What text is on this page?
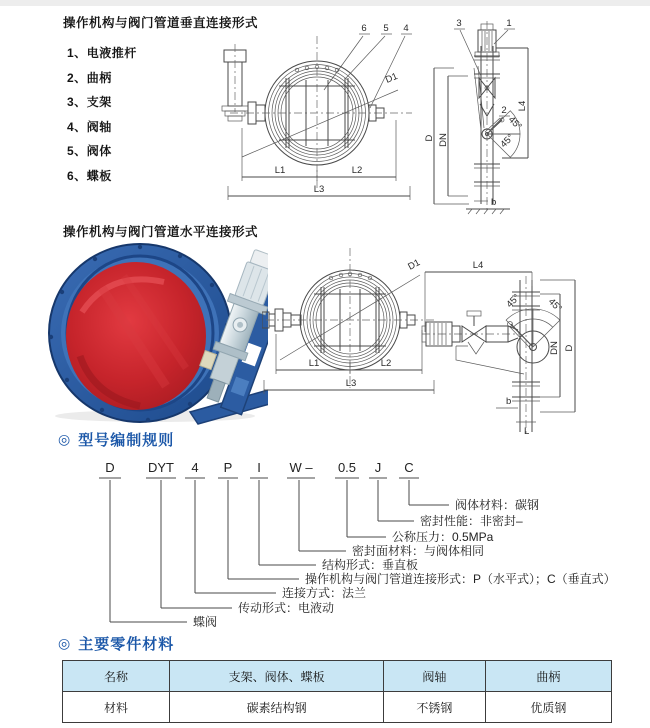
操作机构与阀门管道垂直连接形式
操作机构与阀门管道水平连接形式
1、电液推杆
2、曲柄
3、支架
4、阀轴
5、阀体
6、蝶板
6 5 4
D1
L1	L2
L3
45°
45°
3	1
2
D DN
L4
b
D1
L1	L2
L3
45° 45°
L4
DN D
b
L
◎ 型号编制规则
D	DYT 4 P I W – 0.5 J C
阀体材料：碳钢
密封性能：非密封–
公称压力：0.5MPa
密封面材料：与阀体相同
结构形式：垂直板
操作机构与阀门管道连接形式：P（水平式）；C（垂直式）
连接方式：法兰
传动形式：电液动
蝶阀
◎ 主要零件材料
名称	支架、阀体、蝶板	阀轴	曲柄
材料	碳素结构钢	不锈钢	优质钢
